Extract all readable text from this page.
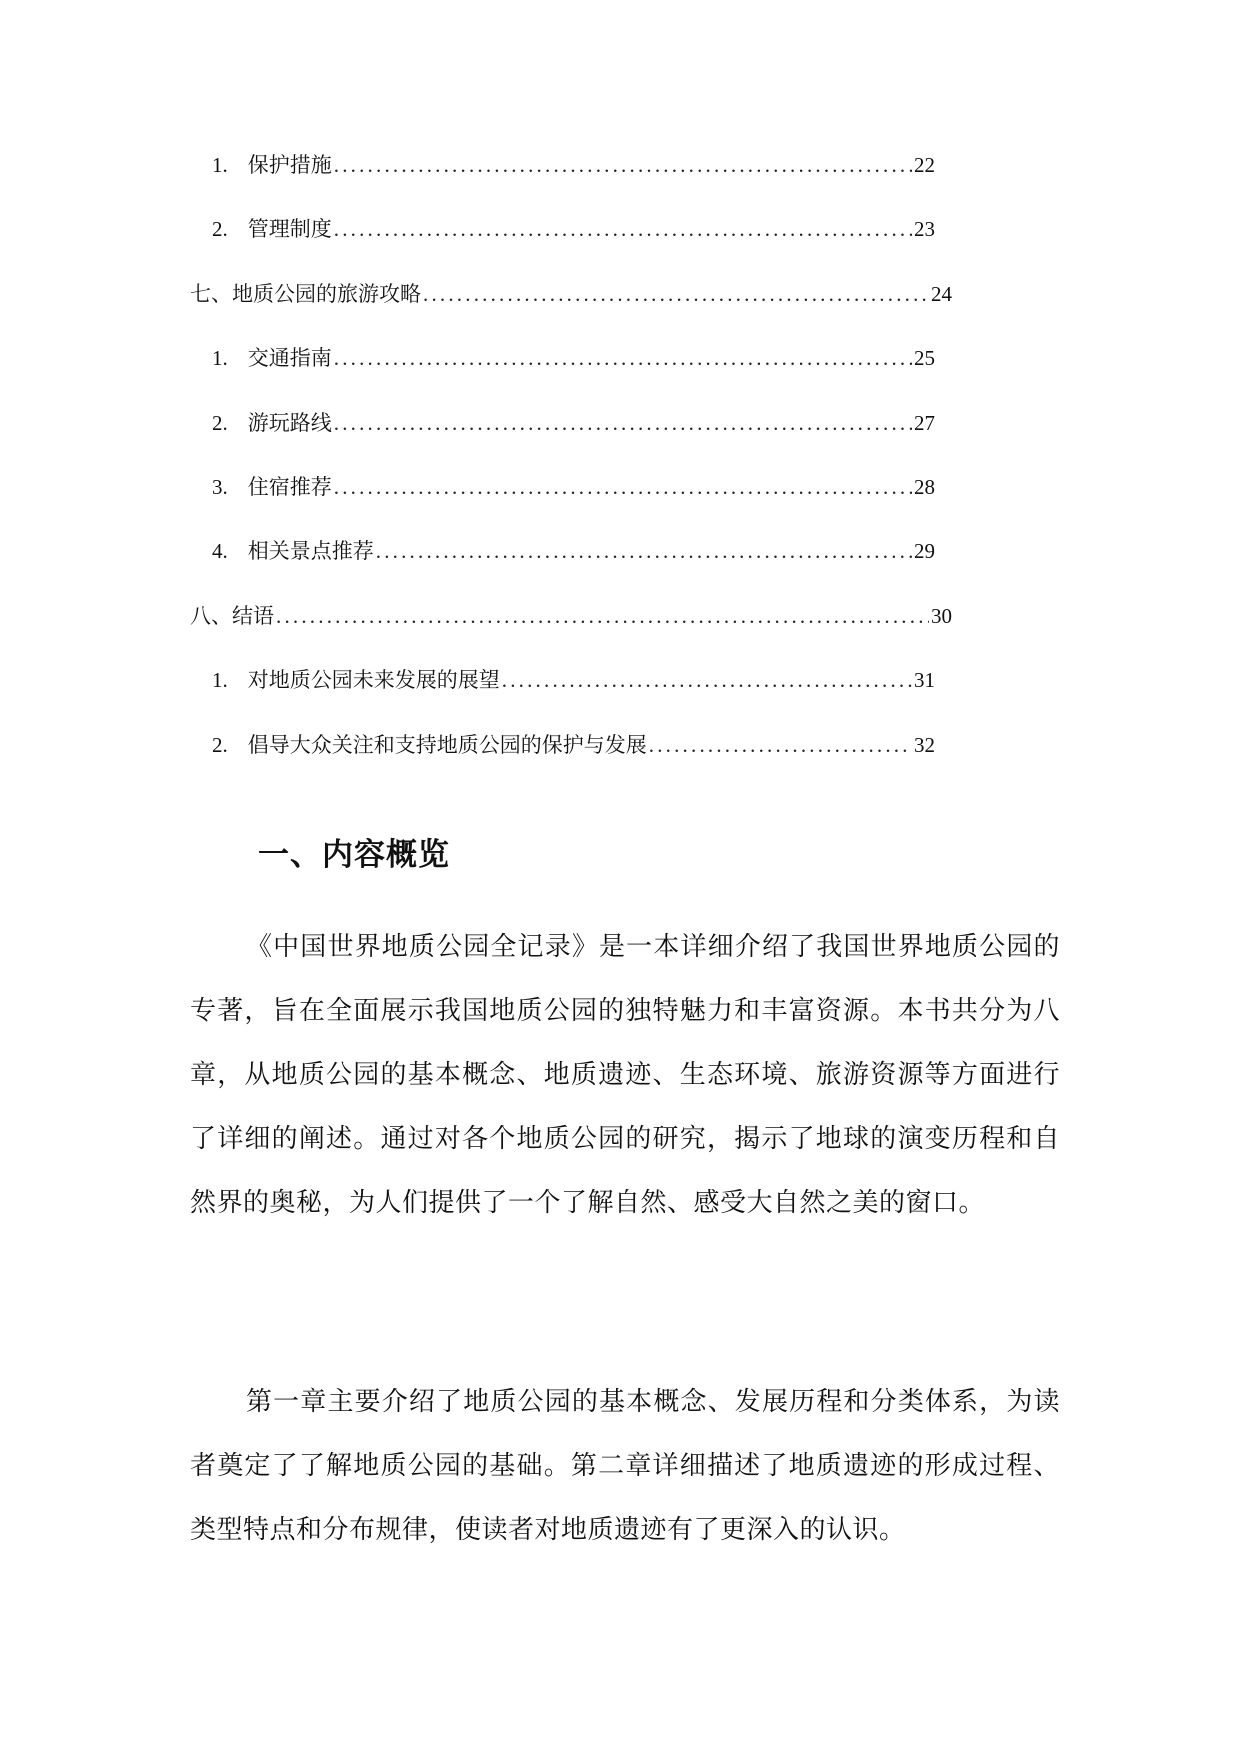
1. 保护措施 .....	22
2. 管理制度 .....	23
七、地质公园的旅游攻略 .....	24
1. 交通指南 .....	25
2. 游玩路线 .....	27
3. 住宿推荐 .....	28
4. 相关景点推荐 .....	29
八、结语 .....	30
1. 对地质公园未来发展的展望 .....	31
2. 倡导大众关注和支持地质公园的保护与发展 .....	32
一、内容概览

《中国世界地质公园全记录》是一本详细介绍了我国世界地质公园的专著，旨在全面展示我国地质公园的独特魅力和丰富资源。本书共分为八章，从地质公园的基本概念、地质遗迹、生态环境、旅游资源等方面进行了详细的阐述。通过对各个地质公园的研究，揭示了地球的演变历程和自然界的奥秘，为人们提供了一个了解自然、感受大自然之美的窗口。

第一章主要介绍了地质公园的基本概念、发展历程和分类体系，为读者奠定了了解地质公园的基础。第二章详细描述了地质遗迹的形成过程、类型特点和分布规律，使读者对地质遗迹有了更深入的认识。
